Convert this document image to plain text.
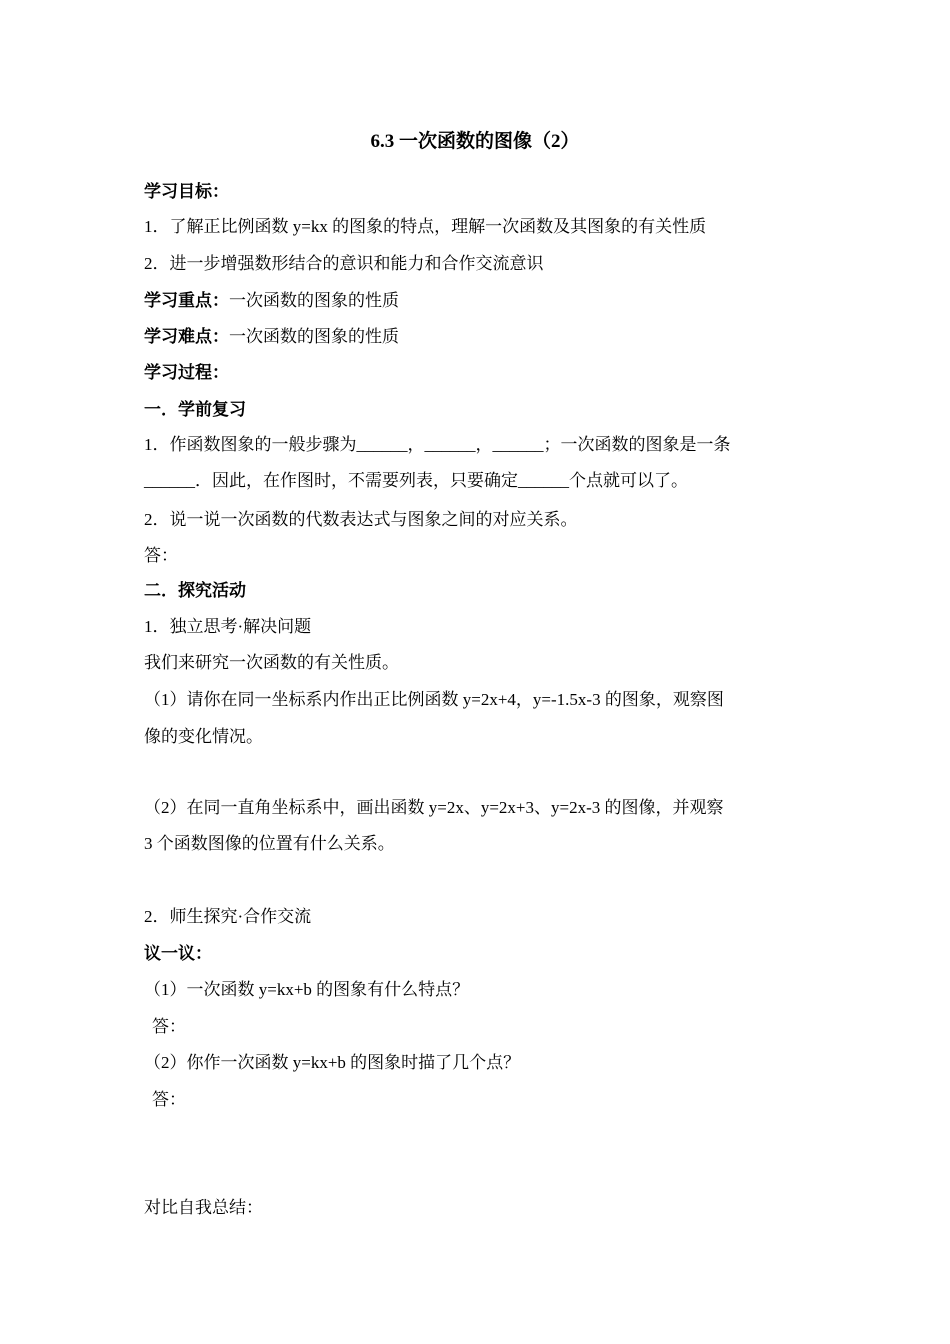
6.3 一次函数的图像（2）
学习目标：
1．了解正比例函数 y=kx 的图象的特点，理解一次函数及其图象的有关性质
2．进一步增强数形结合的意识和能力和合作交流意识
学习重点：一次函数的图象的性质
学习难点：一次函数的图象的性质
学习过程：
一．学前复习
1．作函数图象的一般步骤为______，______，______；一次函数的图象是一条
______．因此，在作图时，不需要列表，只要确定______个点就可以了。
2．说一说一次函数的代数表达式与图象之间的对应关系。
答：
二．探究活动
1．独立思考·解决问题
我们来研究一次函数的有关性质。
（1）请你在同一坐标系内作出正比例函数 y=2x+4，y=-1.5x-3 的图象，观察图
像的变化情况。
（2）在同一直角坐标系中，画出函数 y=2x、y=2x+3、y=2x-3 的图像，并观察
3 个函数图像的位置有什么关系。
2．师生探究·合作交流
议一议：
（1）一次函数 y=kx+b 的图象有什么特点？
答：
（2）你作一次函数 y=kx+b 的图象时描了几个点？
答：
对比自我总结：
